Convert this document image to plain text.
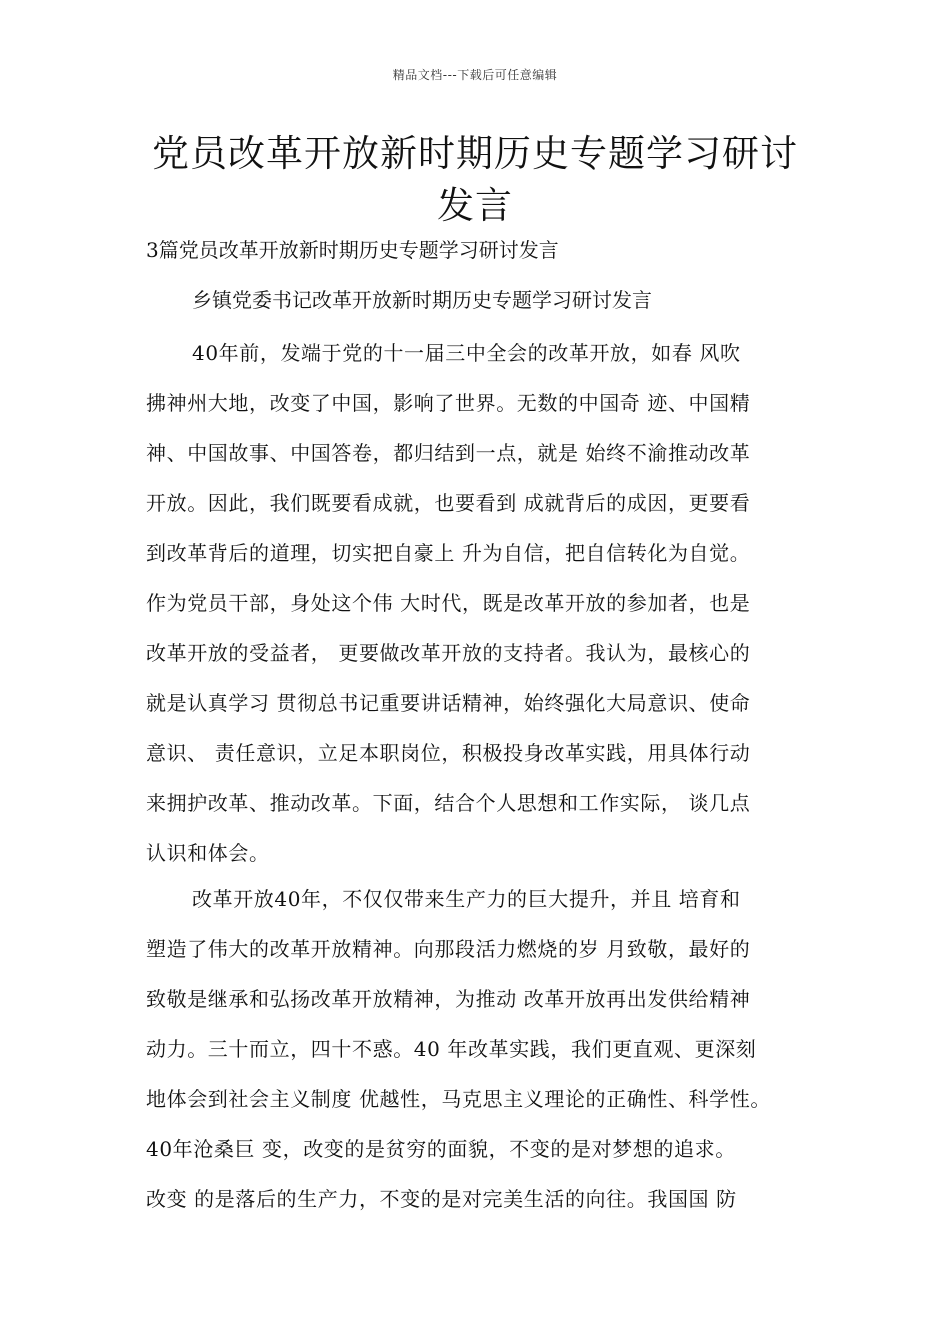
精品文档---下载后可任意编辑
党员改革开放新时期历史专题学习研讨
发言
3篇党员改革开放新时期历史专题学习研讨发言
乡镇党委书记改革开放新时期历史专题学习研讨发言
40年前，发端于党的十一届三中全会的改革开放，如春 风吹
拂神州大地，改变了中国，影响了世界。无数的中国奇 迹、中国精
神、中国故事、中国答卷，都归结到一点，就是 始终不渝推动改革
开放。因此，我们既要看成就，也要看到 成就背后的成因，更要看
到改革背后的道理，切实把自豪上 升为自信，把自信转化为自觉。
作为党员干部，身处这个伟 大时代，既是改革开放的参加者，也是
改革开放的受益者， 更要做改革开放的支持者。我认为，最核心的
就是认真学习 贯彻总书记重要讲话精神，始终强化大局意识、使命
意识、 责任意识，立足本职岗位，积极投身改革实践，用具体行动
来拥护改革、推动改革。下面，结合个人思想和工作实际， 谈几点
认识和体会。
改革开放40年，不仅仅带来生产力的巨大提升，并且 培育和
塑造了伟大的改革开放精神。向那段活力燃烧的岁 月致敬，最好的
致敬是继承和弘扬改革开放精神，为推动 改革开放再出发供给精神
动力。三十而立，四十不惑。40 年改革实践，我们更直观、更深刻
地体会到社会主义制度 优越性，马克思主义理论的正确性、科学性。
40年沧桑巨 变，改变的是贫穷的面貌，不变的是对梦想的追求。
改变 的是落后的生产力，不变的是对完美生活的向往。我国国 防
